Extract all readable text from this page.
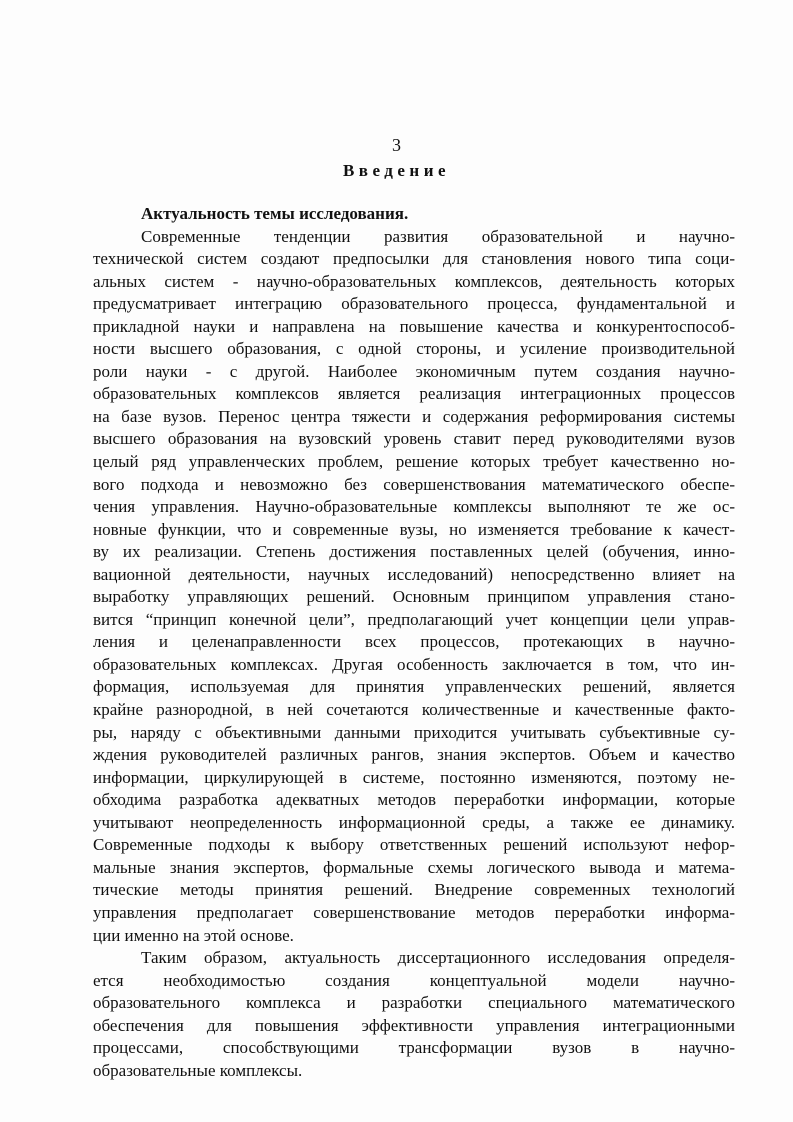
3
Введение
Актуальность темы исследования.
Современные тенденции развития образовательной и научно-
технической систем создают предпосылки для становления нового типа соци-
альных систем - научно-образовательных комплексов, деятельность которых
предусматривает интеграцию образовательного процесса, фундаментальной и
прикладной науки и направлена на повышение качества и конкурентоспособ-
ности высшего образования, с одной стороны, и усиление производительной
роли науки - с другой. Наиболее экономичным путем создания научно-
образовательных комплексов является реализация интеграционных процессов
на базе вузов. Перенос центра тяжести и содержания реформирования системы
высшего образования на вузовский уровень ставит перед руководителями вузов
целый ряд управленческих проблем, решение которых требует качественно но-
вого подхода и невозможно без совершенствования математического обеспе-
чения управления. Научно-образовательные комплексы выполняют те же ос-
новные функции, что и современные вузы, но изменяется требование к качест-
ву их реализации. Степень достижения поставленных целей (обучения, инно-
вационной деятельности, научных исследований) непосредственно влияет на
выработку управляющих решений. Основным принципом управления стано-
вится “принцип конечной цели”, предполагающий учет концепции цели управ-
ления и целенаправленности всех процессов, протекающих в научно-
образовательных комплексах. Другая особенность заключается в том, что ин-
формация, используемая для принятия управленческих решений, является
крайне разнородной, в ней сочетаются количественные и качественные факто-
ры, наряду с объективными данными приходится учитывать субъективные су-
ждения руководителей различных рангов, знания экспертов. Объем и качество
информации, циркулирующей в системе, постоянно изменяются, поэтому не-
обходима разработка адекватных методов переработки информации, которые
учитывают неопределенность информационной среды, а также ее динамику.
Современные подходы к выбору ответственных решений используют нефор-
мальные знания экспертов, формальные схемы логического вывода и матема-
тические методы принятия решений. Внедрение современных технологий
управления предполагает совершенствование методов переработки информа-
ции именно на этой основе.
Таким образом, актуальность диссертационного исследования определя-
ется необходимостью создания концептуальной модели научно-
образовательного комплекса и разработки специального математического
обеспечения для повышения эффективности управления интеграционными
процессами, способствующими трансформации вузов в научно-
образовательные комплексы.
